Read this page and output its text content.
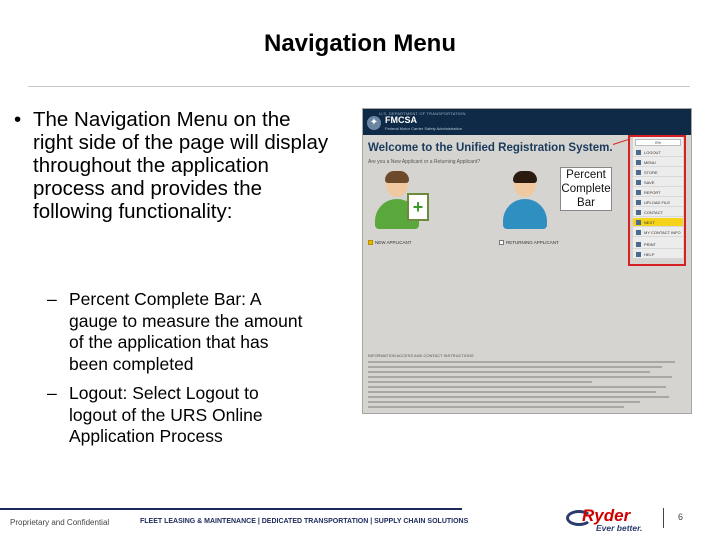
Navigation Menu
• The Navigation Menu on the right side of the page will display throughout the application process and provides the following functionality:
– Percent Complete Bar: A gauge to measure the amount of the application that has been completed
– Logout: Select Logout to logout of the URS Online Application Process
U.S. DEPARTMENT OF TRANSPORTATION
✦ FMCSA
Federal Motor Carrier Safety Administration
Welcome to the Unified Registration System.
Are you a New Applicant or a Returning Applicant?
+
NEW APPLICANT	RETURNING APPLICANT
Percent Complete Bar
0%
LOGOUT
MENU
STORE
SAVE
REPORT
UPLOAD FILE
CONTACT
NEXT
MY CONTACT INFO
PRINT
HELP
INFORMATION ACCESS AND CONTACT INSTRUCTIONS
Proprietary and Confidential	FLEET LEASING & MAINTENANCE | DEDICATED TRANSPORTATION | SUPPLY CHAIN SOLUTIONS	Ryder
Ever better.
6
